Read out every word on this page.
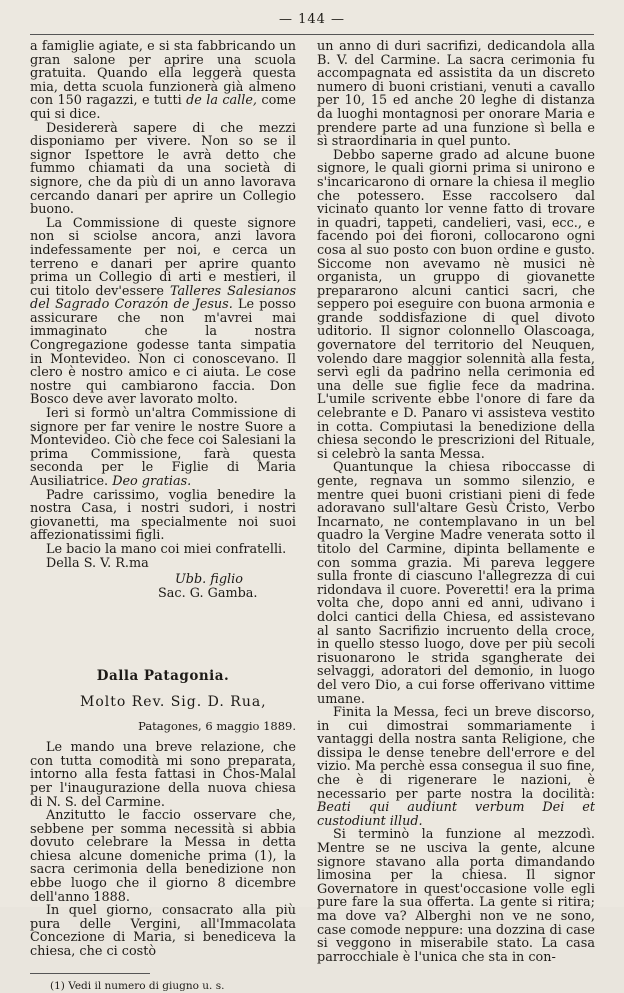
— 144 —

a famiglie agiate, e si sta fabbricando un gran salone per aprire una scuola gratuita. Quando ella leggerà questa mia, detta scuola funzionerà già almeno con 150 ragazzi, e tutti de la calle, come qui si dice.

Desidererà sapere di che mezzi disponiamo per vivere. Non so se il signor Ispettore le avrà detto che fummo chiamati da una società di signore, che da più di un anno lavorava cercando danari per aprire un Collegio buono.

La Commissione di queste signore non si sciolse ancora, anzi lavora indefessamente per noi, e cerca un terreno e danari per aprire quanto prima un Collegio di arti e mestieri, il cui titolo dev'essere Talleres Salesianos del Sagrado Corazón de Jesus. Le posso assicurare che non m'avrei mai immaginato che la nostra Congregazione godesse tanta simpatia in Montevideo. Non ci conoscevano. Il clero è nostro amico e ci aiuta. Le cose nostre qui cambiarono faccia. Don Bosco deve aver lavorato molto.

Ieri si formò un'altra Commissione di signore per far venire le nostre Suore a Montevideo. Ciò che fece coi Salesiani la prima Commissione, farà questa seconda per le Figlie di Maria Ausiliatrice. Deo gratias.

Padre carissimo, voglia benedire la nostra Casa, i nostri sudori, i nostri giovanetti, ma specialmente noi suoi affezionatissimi figli.

Le bacio la mano coi miei confratelli.

Della S. V. R.ma

Ubb. figlio

Sac. G. Gamba.

Dalla Patagonia.

Molto Rev. Sig. D. Rua,

Patagones, 6 maggio 1889.

Le mando una breve relazione, che con tutta comodità mi sono preparata, intorno alla festa fattasi in Chos-Malal per l'inaugurazione della nuova chiesa di N. S. del Carmine.

Anzitutto le faccio osservare che, sebbene per somma necessità si abbia dovuto celebrare la Messa in detta chiesa alcune domeniche prima (1), la sacra cerimonia della benedizione non ebbe luogo che il giorno 8 dicembre dell'anno 1888.

In quel giorno, consacrato alla più pura delle Vergini, all'Immacolata Concezione di Maria, si benediceva la chiesa, che ci costò

(1) Vedi il numero di giugno u. s.

un anno di duri sacrifizi, dedicandola alla B. V. del Carmine. La sacra cerimonia fu accompagnata ed assistita da un discreto numero di buoni cristiani, venuti a cavallo per 10, 15 ed anche 20 leghe di distanza da luoghi montagnosi per onorare Maria e prendere parte ad una funzione sì bella e sì straordinaria in quel punto.

Debbo saperne grado ad alcune buone signore, le quali giorni prima si unirono e s'incaricarono di ornare la chiesa il meglio che potessero. Esse raccolsero dal vicinato quanto lor venne fatto di trovare in quadri, tappeti, candelieri, vasi, ecc., e facendo poi dei fioroni, collocarono ogni cosa al suo posto con buon ordine e gusto. Siccome non avevamo nè musici nè organista, un gruppo di giovanette prepararono alcuni cantici sacri, che seppero poi eseguire con buona armonia e grande soddisfazione di quel divoto uditorio. Il signor colonnello Olascoaga, governatore del territorio del Neuquen, volendo dare maggior solennità alla festa, servì egli da padrino nella cerimonia ed una delle sue figlie fece da madrina. L'umile scrivente ebbe l'onore di fare da celebrante e D. Panaro vi assisteva vestito in cotta. Compiutasi la benedizione della chiesa secondo le prescrizioni del Rituale, si celebrò la santa Messa.

Quantunque la chiesa riboccasse di gente, regnava un sommo silenzio, e mentre quei buoni cristiani pieni di fede adoravano sull'altare Gesù Cristo, Verbo Incarnato, ne contemplavano in un bel quadro la Vergine Madre venerata sotto il titolo del Carmine, dipinta bellamente e con somma grazia. Mi pareva leggere sulla fronte di ciascuno l'allegrezza di cui ridondava il cuore. Poveretti! era la prima volta che, dopo anni ed anni, udivano i dolci cantici della Chiesa, ed assistevano al santo Sacrifizio incruento della croce, in quello stesso luogo, dove per più secoli risuonarono le strida sgangherate dei selvaggi, adoratori del demonio, in luogo del vero Dio, a cui forse offerivano vittime umane.

Finita la Messa, feci un breve discorso, in cui dimostrai sommariamente i vantaggi della nostra santa Religione, che dissipa le dense tenebre dell'errore e del vizio. Ma perchè essa consegua il suo fine, che è di rigenerare le nazioni, è necessario per parte nostra la docilità: Beati qui audiunt verbum Dei et custodiunt illud.

Si terminò la funzione al mezzodì. Mentre se ne usciva la gente, alcune signore stavano alla porta dimandando limosina per la chiesa. Il signor Governatore in quest'occasione volle egli pure fare la sua offerta. La gente si ritira; ma dove va? Alberghi non ve ne sono, case comode neppure: una dozzina di case si veggono in miserabile stato. La casa parrocchiale è l'unica che sta in con-
